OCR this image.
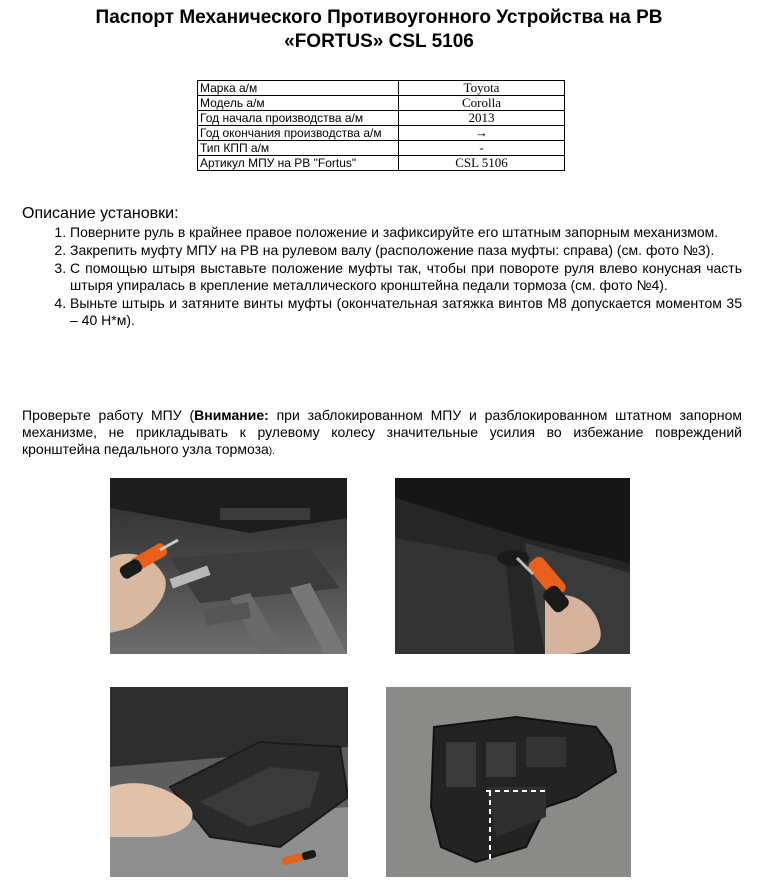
Паспорт Механического Противоугонного Устройства на РВ
«FORTUS» CSL 5106
Марка а/м	Toyota
Модель а/м	Corolla
Год начала производства а/м	2013
Год окончания производства а/м	→
Тип КПП а/м	-
Артикул МПУ на РВ "Fortus"	CSL 5106
Описание установки:
1. Поверните руль в крайнее правое положение и зафиксируйте его штатным запорным механизмом.
2. Закрепить муфту МПУ на РВ на рулевом валу (расположение паза муфты: справа) (см. фото №3).
3. С помощью штыря выставьте положение муфты так, чтобы при повороте руля влево конусная часть штыря упиралась в крепление металлического кронштейна педали тормоза (см. фото №4).
4. Выньте штырь и затяните винты муфты (окончательная затяжка винтов М8 допускается моментом 35 – 40 Н*м).
Проверьте работу МПУ (Внимание: при заблокированном МПУ и разблокированном штатном запорном механизме, не прикладывать к рулевому колесу значительные усилия во избежание повреждений кронштейна педального узла тормоза).
